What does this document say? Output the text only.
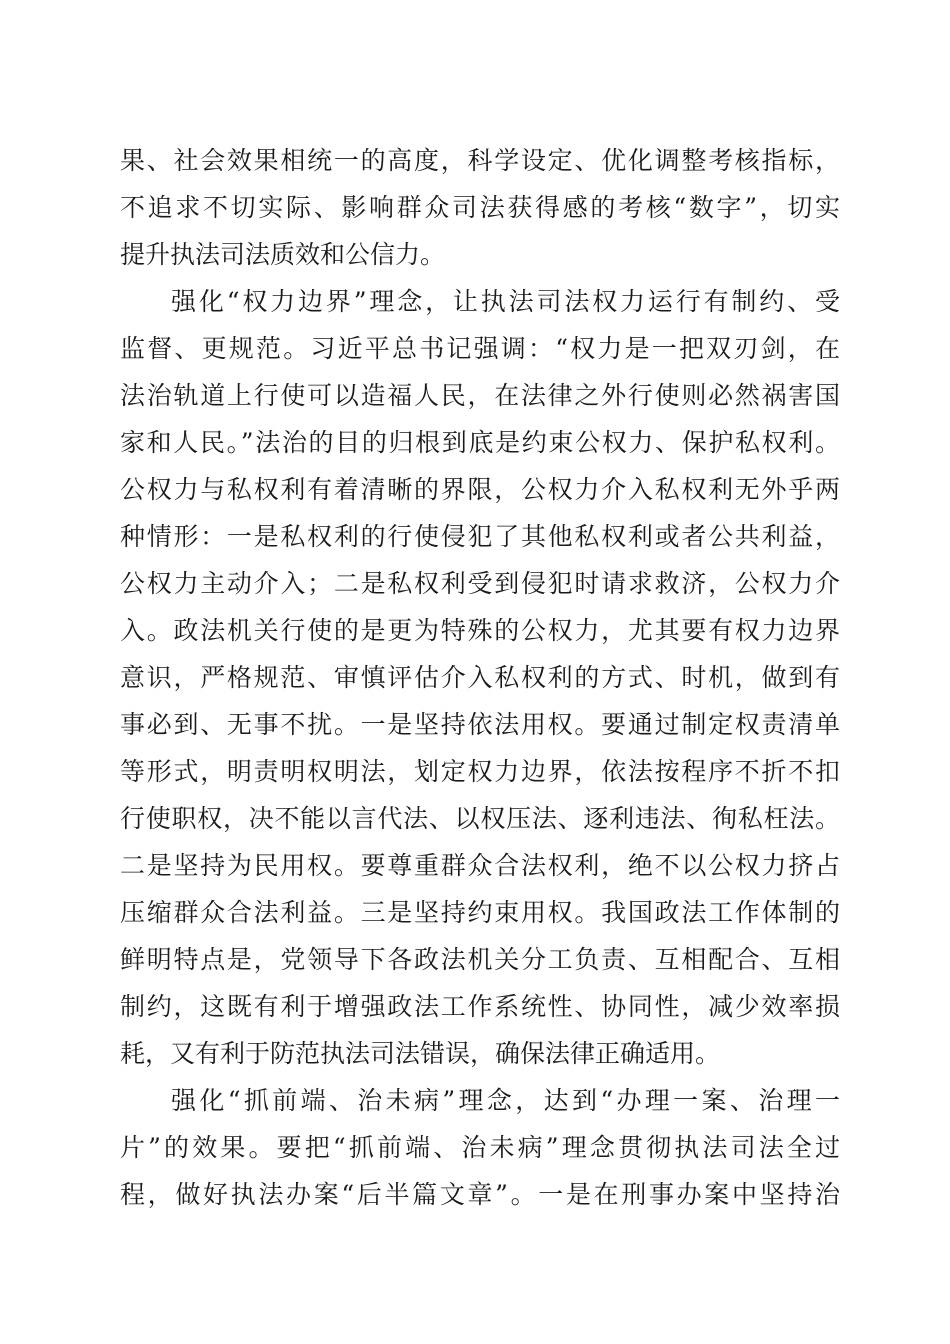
果、社会效果相统一的高度，科学设定、优化调整考核指标，
不追求不切实际、影响群众司法获得感的考核“数字”，切实
提升执法司法质效和公信力。
强化“权力边界”理念，让执法司法权力运行有制约、受
监督、更规范。习近平总书记强调：“权力是一把双刃剑，在
法治轨道上行使可以造福人民，在法律之外行使则必然祸害国
家和人民。”法治的目的归根到底是约束公权力、保护私权利。
公权力与私权利有着清晰的界限，公权力介入私权利无外乎两
种情形：一是私权利的行使侵犯了其他私权利或者公共利益，
公权力主动介入；二是私权利受到侵犯时请求救济，公权力介
入。政法机关行使的是更为特殊的公权力，尤其要有权力边界
意识，严格规范、审慎评估介入私权利的方式、时机，做到有
事必到、无事不扰。一是坚持依法用权。要通过制定权责清单
等形式，明责明权明法，划定权力边界，依法按程序不折不扣
行使职权，决不能以言代法、以权压法、逐利违法、徇私枉法。
二是坚持为民用权。要尊重群众合法权利，绝不以公权力挤占
压缩群众合法利益。三是坚持约束用权。我国政法工作体制的
鲜明特点是，党领导下各政法机关分工负责、互相配合、互相
制约，这既有利于增强政法工作系统性、协同性，减少效率损
耗，又有利于防范执法司法错误，确保法律正确适用。
强化“抓前端、治未病”理念，达到“办理一案、治理一
片”的效果。要把“抓前端、治未病”理念贯彻执法司法全过
程，做好执法办案“后半篇文章”。一是在刑事办案中坚持治
